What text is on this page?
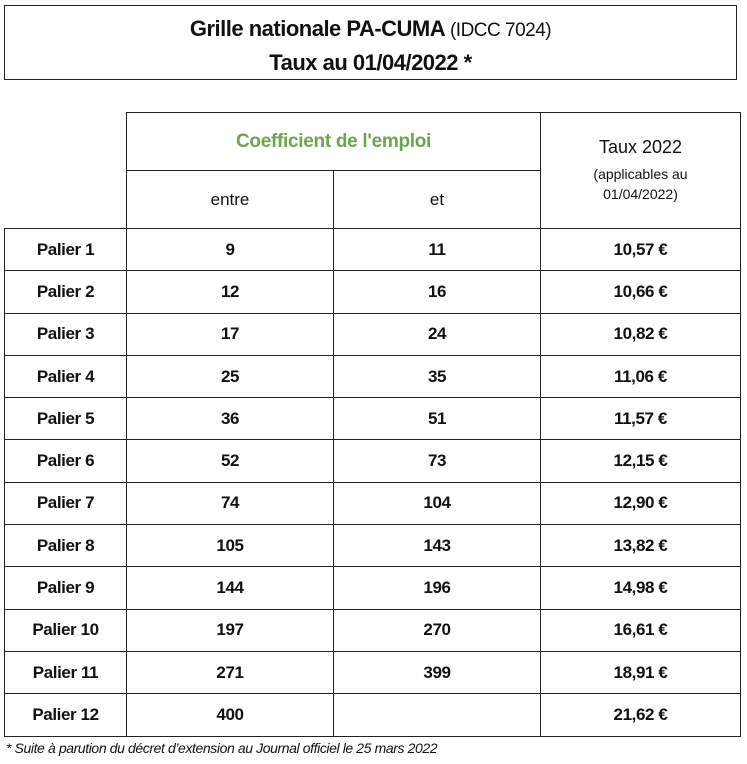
Grille nationale PA-CUMA (IDCC 7024)
Taux au 01/04/2022 *
	Coefficient de l'emploi		Taux 2022
(applicables au
01/04/2022)

	entre	et	
Palier 1	9	11	10,57 €
Palier 2	12	16	10,66 €
Palier 3	17	24	10,82 €
Palier 4	25	35	11,06 €
Palier 5	36	51	11,57 €
Palier 6	52	73	12,15 €
Palier 7	74	104	12,90 €
Palier 8	105	143	13,82 €
Palier 9	144	196	14,98 €
Palier 10	197	270	16,61 €
Palier 11	271	399	18,91 €
Palier 12	400		21,62 €
* Suite à parution du décret d’extension au Journal officiel le 25 mars 2022
